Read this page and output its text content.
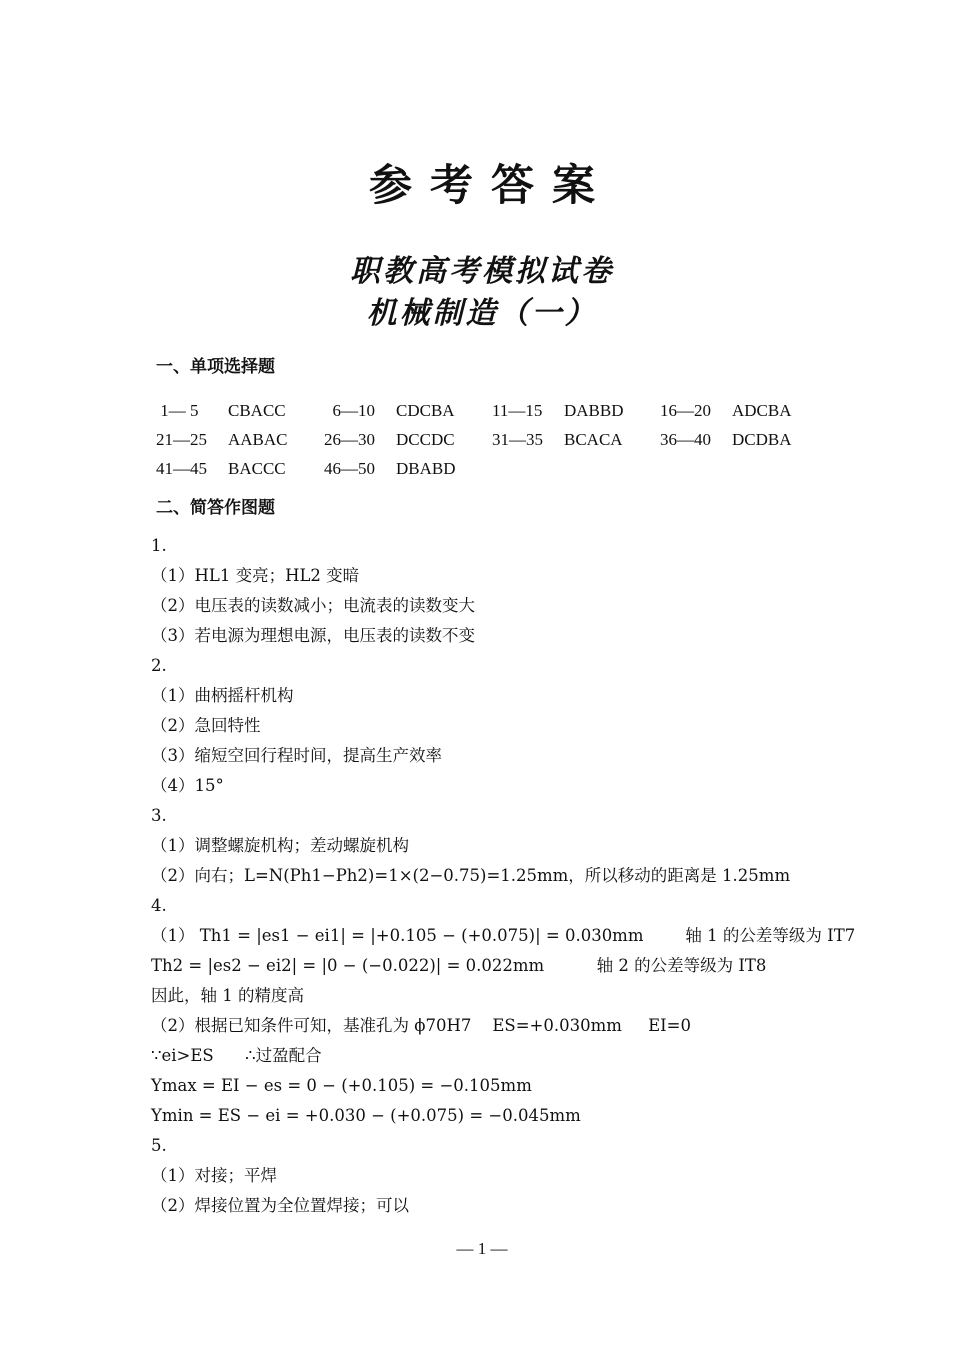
参考答案
职教高考模拟试卷
机械制造（一）
一、单项选择题
1— 5	CBACC 6—10	CDCBA 11—15	DABBD 16—20	ADCBA
21—25	AABAC 26—30	DCCDC 31—35	BCACA 36—40	DCDBA
41—45	BACCC 46—50	DBABD
二、简答作图题
1.
（1）HL1 变亮；HL2 变暗
（2）电压表的读数减小；电流表的读数变大
（3）若电源为理想电源，电压表的读数不变
2.
（1）曲柄摇杆机构
（2）急回特性
（3）缩短空回行程时间，提高生产效率
（4）15°
3.
（1）调整螺旋机构；差动螺旋机构
（2）向右；L=N(Ph1−Ph2)=1×(2−0.75)=1.25mm，所以移动的距离是 1.25mm
4.
（1） Th1 = |es1 − ei1| = |+0.105 − (+0.075)| = 0.030mm        轴 1 的公差等级为 IT7
Th2 = |es2 − ei2| = |0 − (−0.022)| = 0.022mm          轴 2 的公差等级为 IT8
因此，轴 1 的精度高
（2）根据已知条件可知，基准孔为 ϕ70H7    ES=+0.030mm     EI=0
∵ei>ES      ∴过盈配合
Ymax = EI − es = 0 − (+0.105) = −0.105mm
Ymin = ES − ei = +0.030 − (+0.075) = −0.045mm
5.
（1）对接；平焊
（2）焊接位置为全位置焊接；可以
— 1 —
